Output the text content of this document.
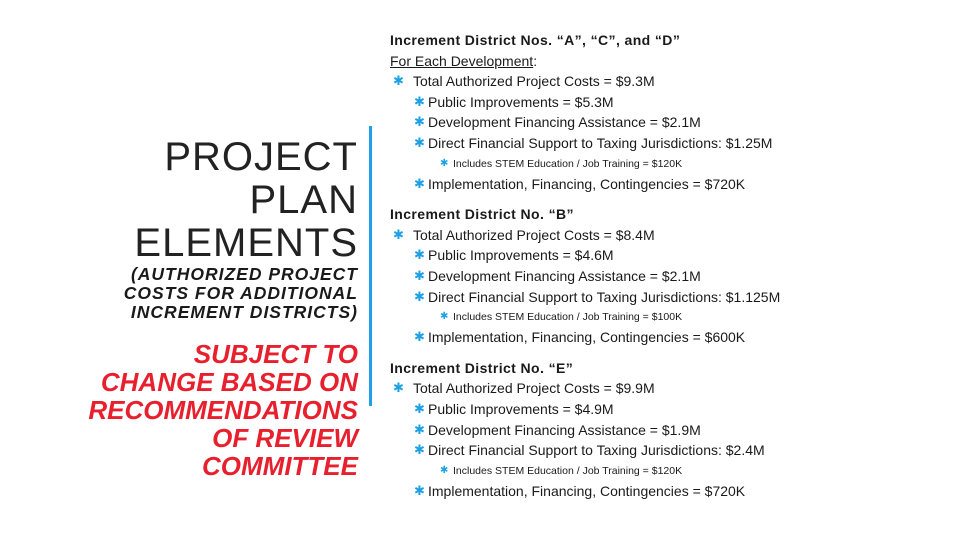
PROJECT
PLAN
ELEMENTS
(AUTHORIZED PROJECT
COSTS FOR ADDITIONAL
INCREMENT DISTRICTS)
SUBJECT TO
CHANGE BASED ON
RECOMMENDATIONS
OF REVIEW
COMMITTEE
Increment District Nos. “A”, “C”, and “D”
For Each Development:
✱ Total Authorized Project Costs = $9.3M
✱ Public Improvements = $5.3M
✱ Development Financing Assistance = $2.1M
✱ Direct Financial Support to Taxing Jurisdictions: $1.25M
✱ Includes STEM Education / Job Training = $120K
✱ Implementation, Financing, Contingencies = $720K
Increment District No. “B”
✱ Total Authorized Project Costs = $8.4M
✱ Public Improvements = $4.6M
✱ Development Financing Assistance = $2.1M
✱ Direct Financial Support to Taxing Jurisdictions: $1.125M
✱ Includes STEM Education / Job Training = $100K
✱ Implementation, Financing, Contingencies = $600K
Increment District No. “E”
✱ Total Authorized Project Costs = $9.9M
✱ Public Improvements = $4.9M
✱ Development Financing Assistance = $1.9M
✱ Direct Financial Support to Taxing Jurisdictions: $2.4M
✱ Includes STEM Education / Job Training = $120K
✱ Implementation, Financing, Contingencies = $720K
